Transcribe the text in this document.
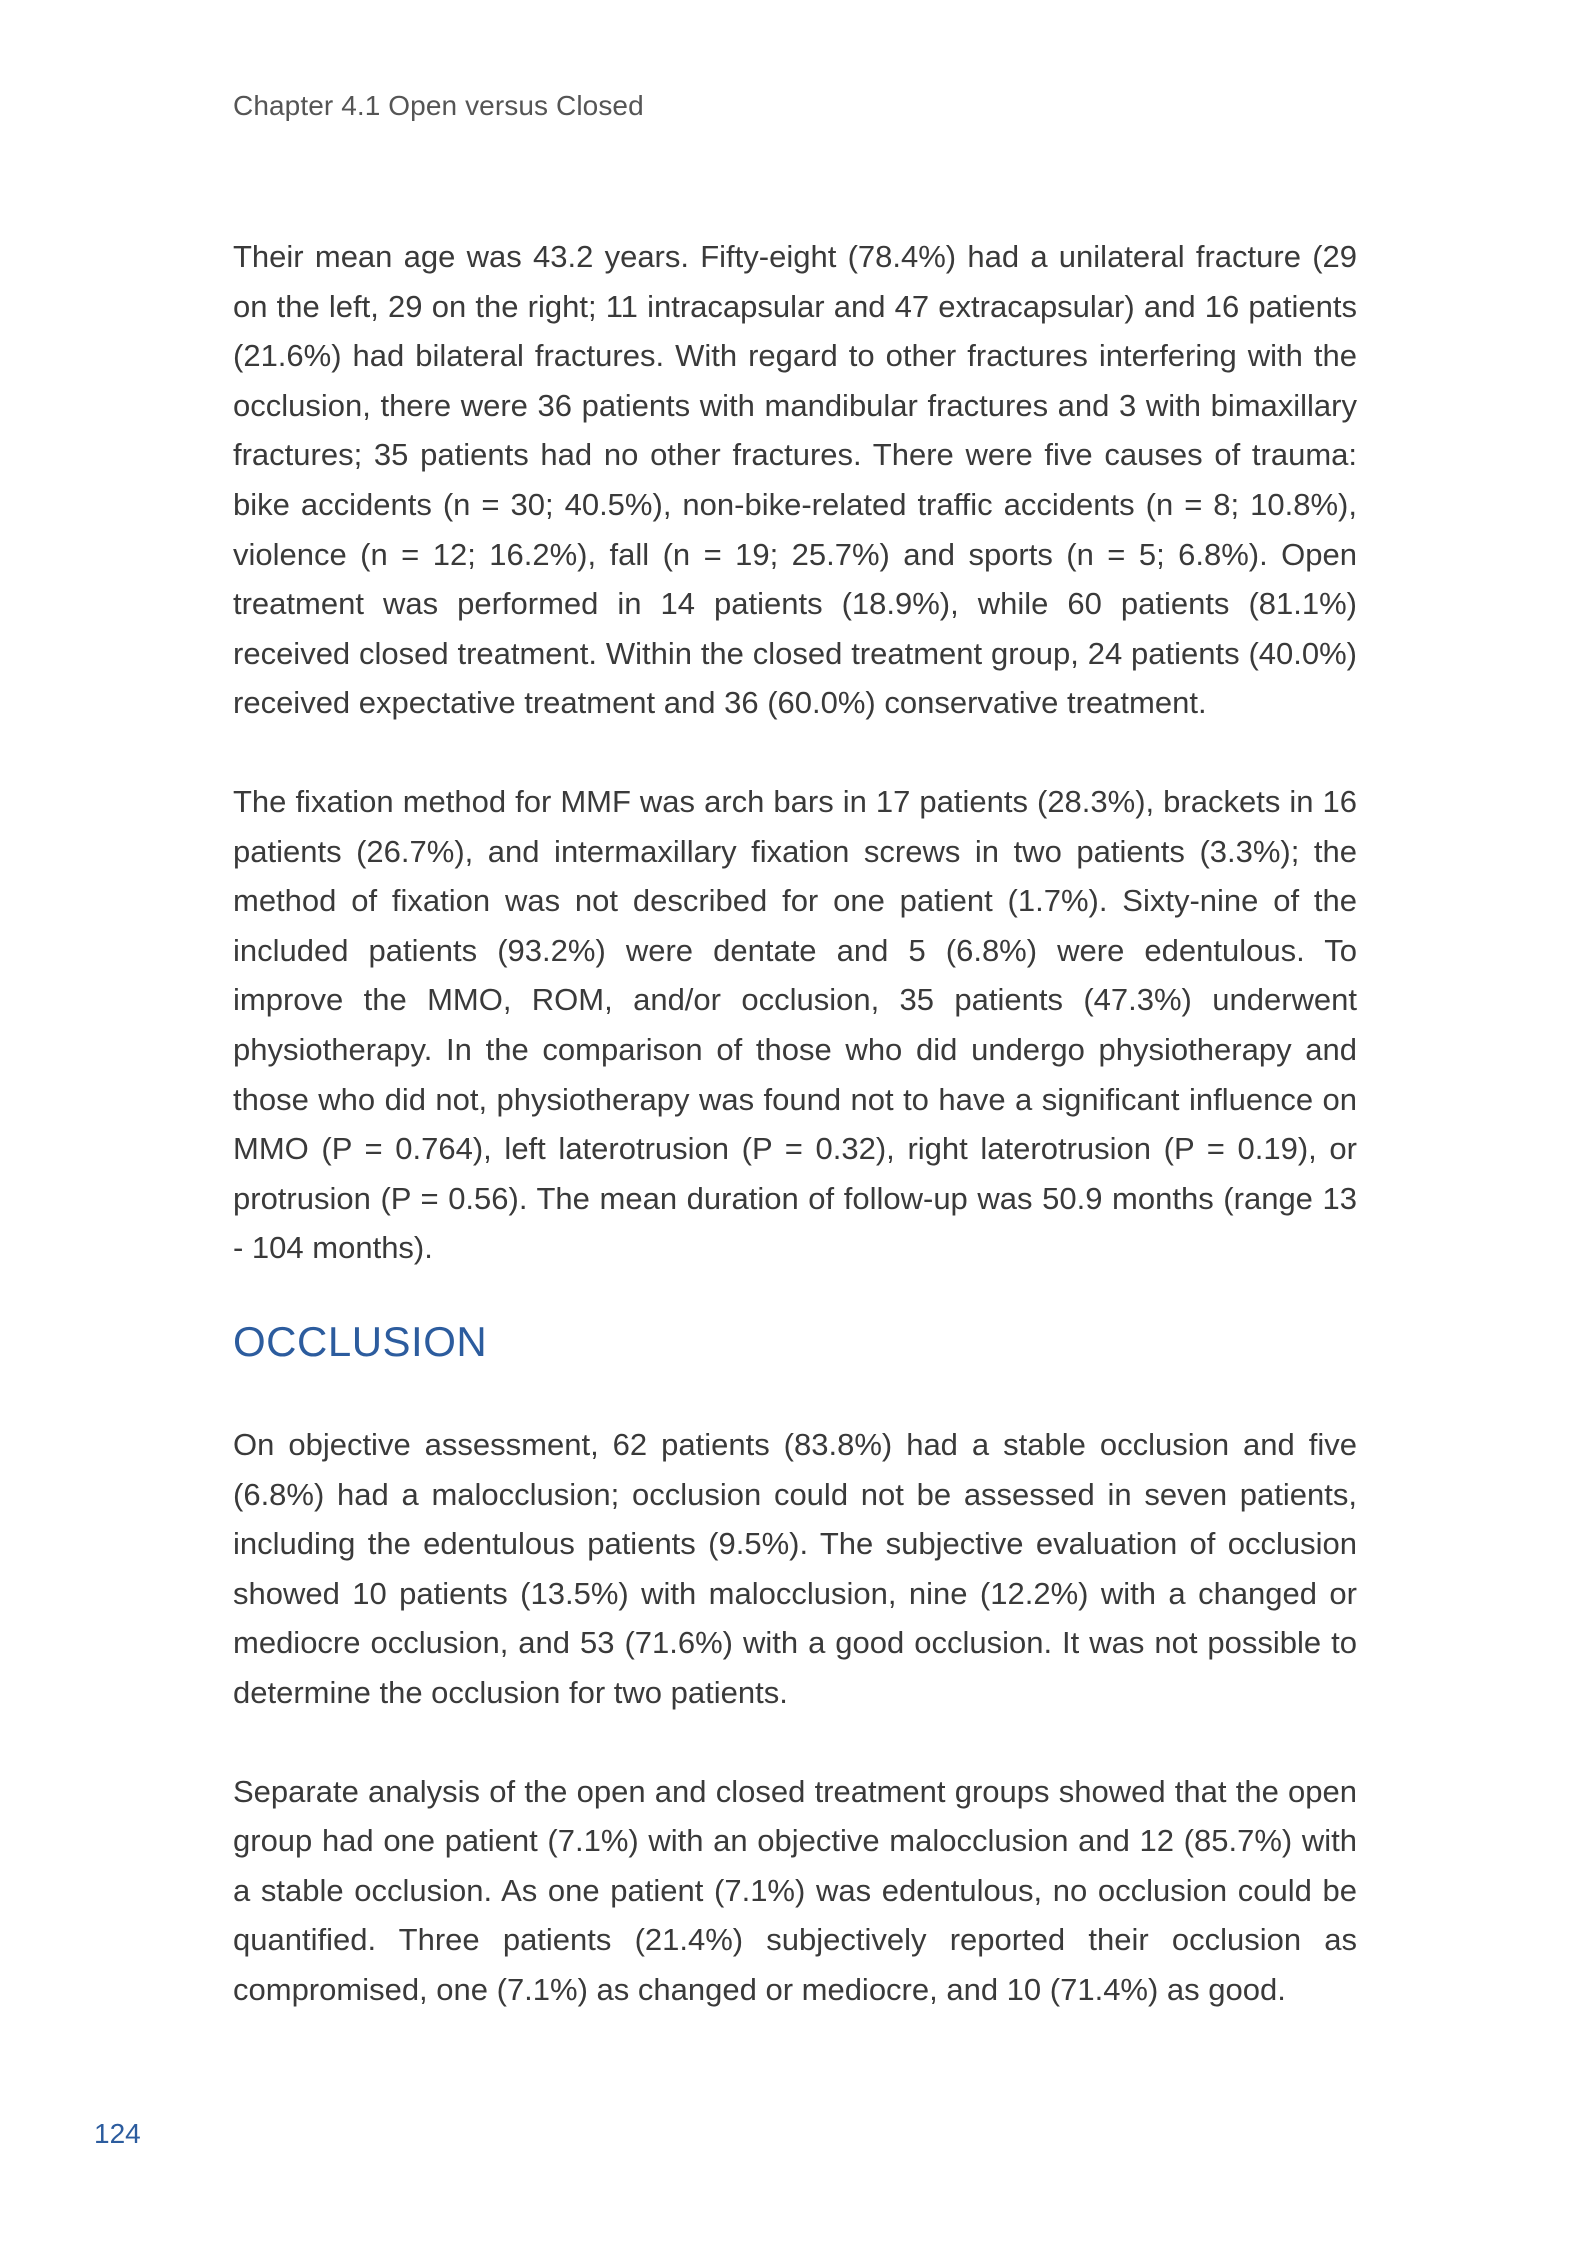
Chapter 4.1 Open versus Closed

Their mean age was 43.2 years. Fifty-eight (78.4%) had a unilateral fracture (29 on the left, 29 on the right; 11 intracapsular and 47 extracapsular) and 16 patients (21.6%) had bilateral fractures. With regard to other fractures interfering with the occlusion, there were 36 patients with mandibular fractures and 3 with bimaxillary fractures; 35 patients had no other fractures. There were five causes of trauma: bike accidents (n = 30; 40.5%), non-bike-related traffic accidents (n = 8; 10.8%), violence (n = 12; 16.2%), fall (n = 19; 25.7%) and sports (n = 5; 6.8%). Open treatment was performed in 14 patients (18.9%), while 60 patients (81.1%) received closed treatment. Within the closed treatment group, 24 patients (40.0%) received expectative treatment and 36 (60.0%) conservative treatment.

The fixation method for MMF was arch bars in 17 patients (28.3%), brackets in 16 patients (26.7%), and intermaxillary fixation screws in two patients (3.3%); the method of fixation was not described for one patient (1.7%). Sixty-nine of the included patients (93.2%) were dentate and 5 (6.8%) were edentulous. To improve the MMO, ROM, and/or occlusion, 35 patients (47.3%) underwent physiotherapy. In the comparison of those who did undergo physiotherapy and those who did not, physiotherapy was found not to have a significant influence on MMO (P = 0.764), left laterotrusion (P = 0.32), right laterotrusion (P = 0.19), or protrusion (P = 0.56). The mean duration of follow-up was 50.9 months (range 13 - 104 months).

OCCLUSION

On objective assessment, 62 patients (83.8%) had a stable occlusion and five (6.8%) had a malocclusion; occlusion could not be assessed in seven patients, including the edentulous patients (9.5%). The subjective evaluation of occlusion showed 10 patients (13.5%) with malocclusion, nine (12.2%) with a changed or mediocre occlusion, and 53 (71.6%) with a good occlusion. It was not possible to determine the occlusion for two patients.

Separate analysis of the open and closed treatment groups showed that the open group had one patient (7.1%) with an objective malocclusion and 12 (85.7%) with a stable occlusion. As one patient (7.1%) was edentulous, no occlusion could be quantified. Three patients (21.4%) subjectively reported their occlusion as compromised, one (7.1%) as changed or mediocre, and 10 (71.4%) as good.

124
